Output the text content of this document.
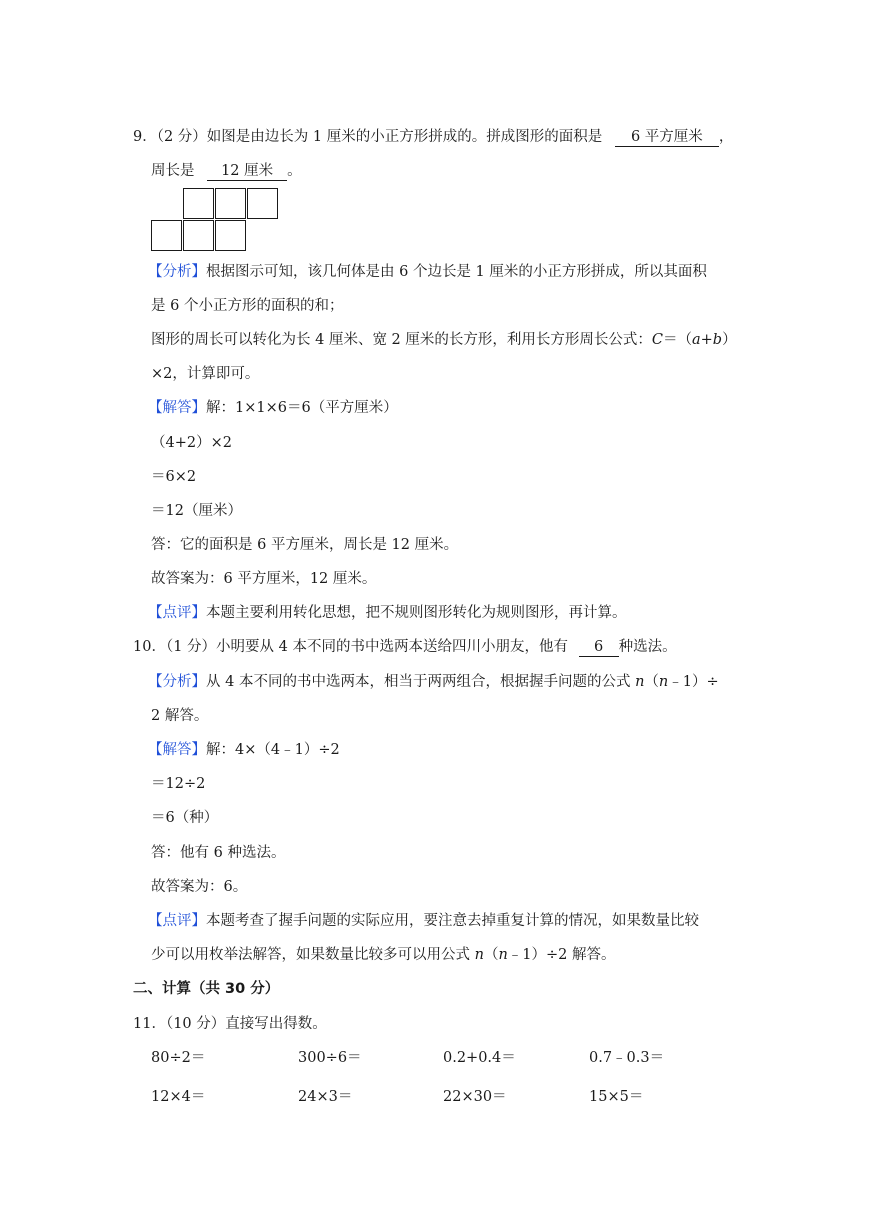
9．（2 分）如图是由边长为 1 厘米的小正方形拼成的。拼成图形的面积是 6 平方厘米 ，
周长是 12 厘米 。
【分析】根据图示可知，该几何体是由 6 个边长是 1 厘米的小正方形拼成，所以其面积
是 6 个小正方形的面积的和；
图形的周长可以转化为长 4 厘米、宽 2 厘米的长方形，利用长方形周长公式：C＝（a+b）
×2，计算即可。
【解答】解：1×1×6＝6（平方厘米）
（4+2）×2
＝6×2
＝12（厘米）
答：它的面积是 6 平方厘米，周长是 12 厘米。
故答案为：6 平方厘米，12 厘米。
【点评】本题主要利用转化思想，把不规则图形转化为规则图形，再计算。
10．（1 分）小明要从 4 本不同的书中选两本送给四川小朋友，他有 6 种选法。
【分析】从 4 本不同的书中选两本，相当于两两组合，根据握手问题的公式 n（n﹣1）÷
2 解答。
【解答】解：4×（4﹣1）÷2
＝12÷2
＝6（种）
答：他有 6 种选法。
故答案为：6。
【点评】本题考查了握手问题的实际应用，要注意去掉重复计算的情况，如果数量比较
少可以用枚举法解答，如果数量比较多可以用公式 n（n﹣1）÷2 解答。
二、计算（共 30 分）
11．（10 分）直接写出得数。
80÷2＝	300÷6＝	0.2+0.4＝	0.7﹣0.3＝
12×4＝	24×3＝	22×30＝	15×5＝
